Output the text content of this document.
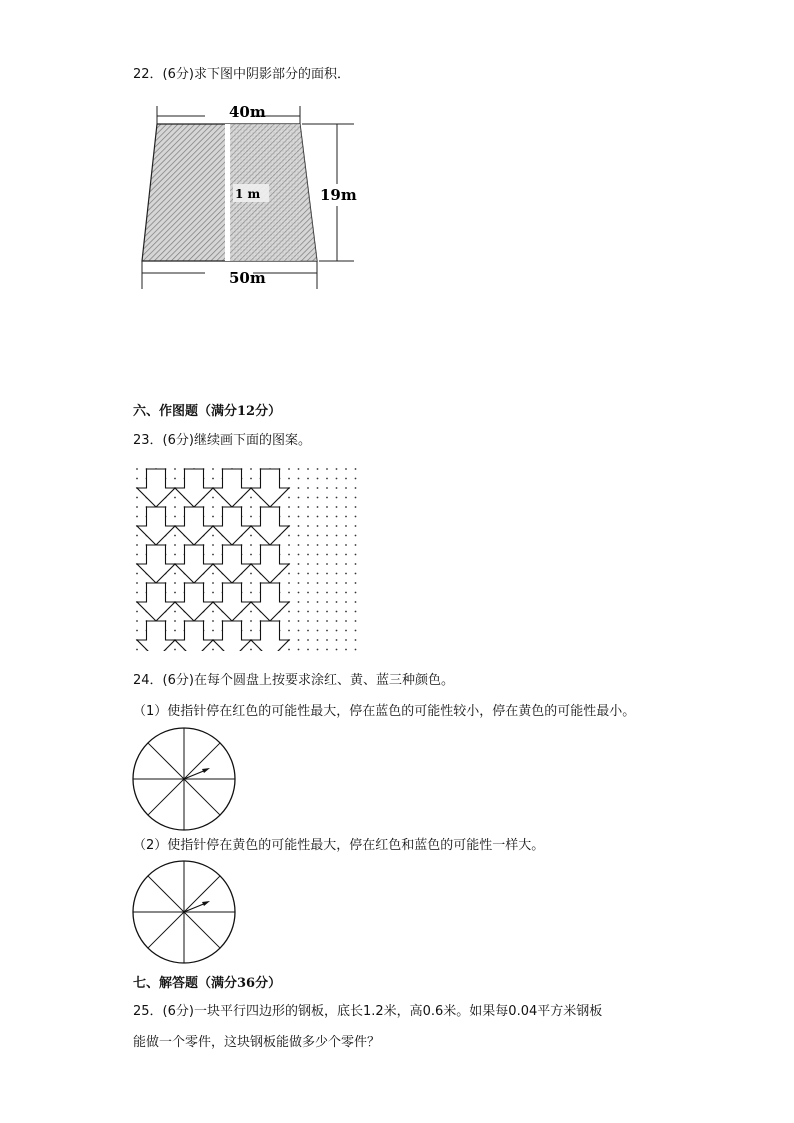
22．(6分)求下图中阴影部分的面积．
40m
50m
19m
1 m
六、作图题（满分12分）
23．(6分)继续画下面的图案。
24．(6分)在每个圆盘上按要求涂红、黄、蓝三种颜色。
（1）使指针停在红色的可能性最大，停在蓝色的可能性较小，停在黄色的可能性最小。
（2）使指针停在黄色的可能性最大，停在红色和蓝色的可能性一样大。
七、解答题（满分36分）
25．(6分)一块平行四边形的钢板，底长1.2米，高0.6米。如果每0.04平方米钢板
能做一个零件，这块钢板能做多少个零件？
